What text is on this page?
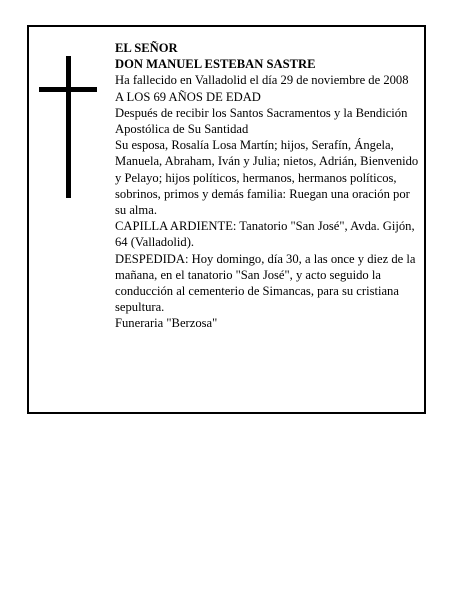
EL SEÑOR

DON MANUEL ESTEBAN SASTRE

Ha fallecido en Valladolid el día 29 de noviembre de 2008

A LOS 69 AÑOS DE EDAD

Después de recibir los Santos Sacramentos y la Bendición Apostólica de Su Santidad

Su esposa, Rosalía Losa Martín; hijos, Serafín, Ángela, Manuela, Abraham, Iván y Julia; nietos, Adrián, Bienvenido y Pelayo; hijos políticos, hermanos, hermanos políticos, sobrinos, primos y demás familia: Ruegan una oración por su alma.

CAPILLA ARDIENTE: Tanatorio "San José", Avda. Gijón, 64 (Valladolid).

DESPEDIDA: Hoy domingo, día 30, a las once y diez de la mañana, en el tanatorio "San José", y acto seguido la conducción al cementerio de Simancas, para su cristiana sepultura.

Funeraria "Berzosa"
